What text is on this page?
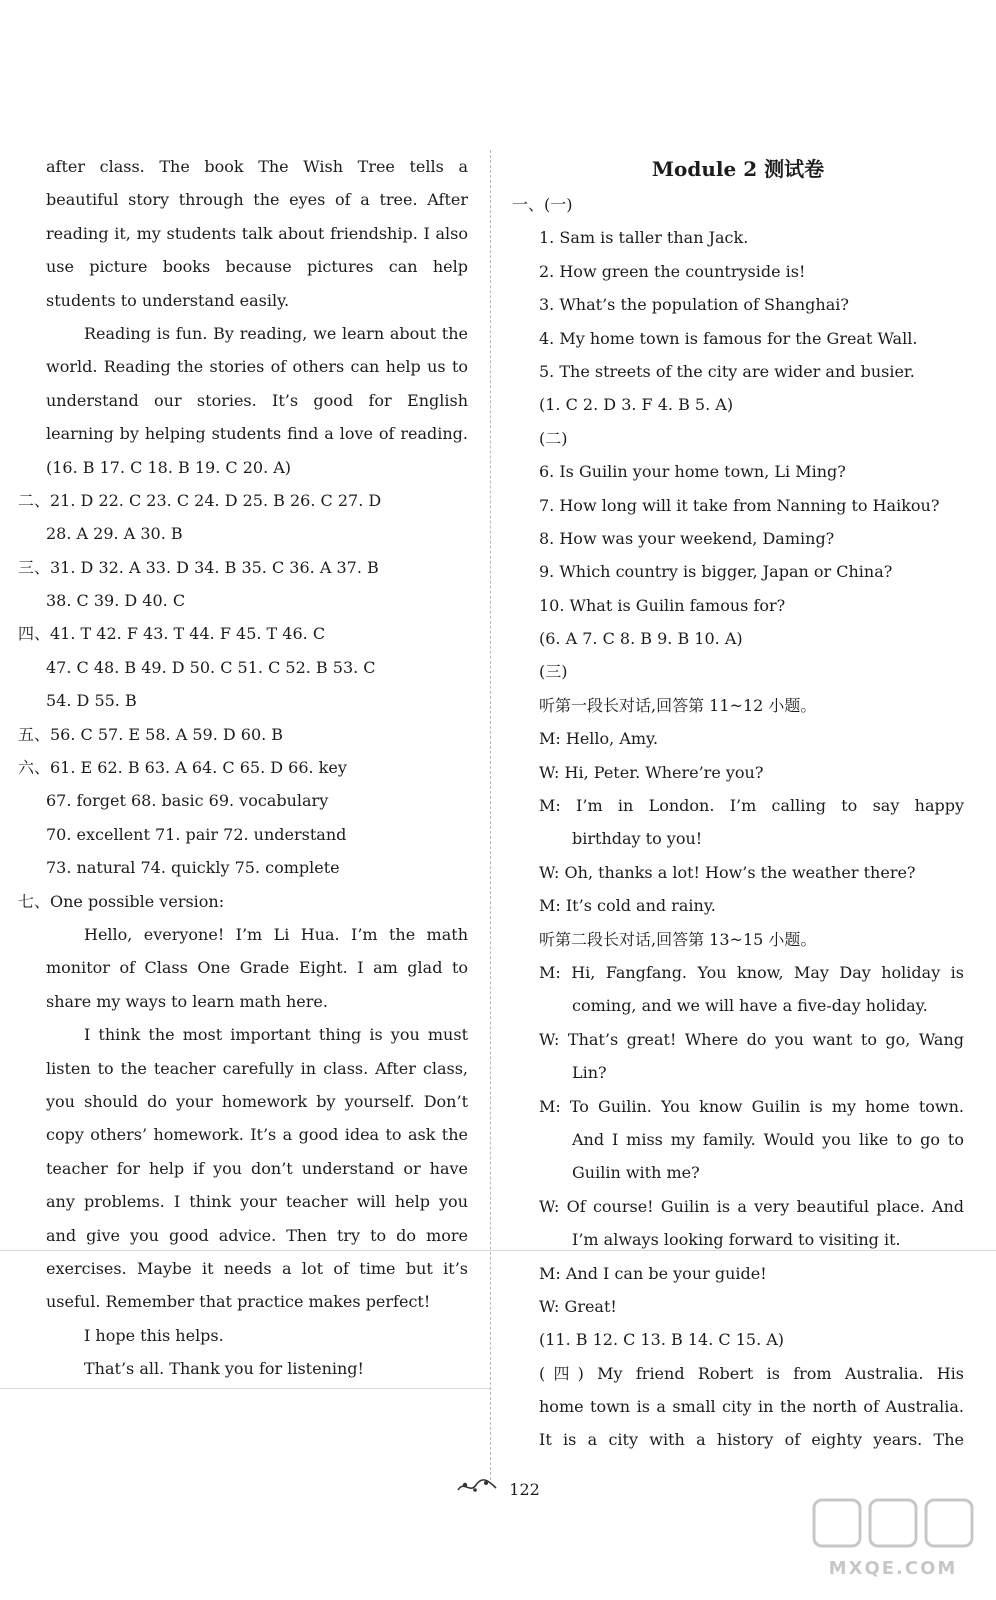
after class. The book The Wish Tree tells a
beautiful story through the eyes of a tree. After
reading it, my students talk about friendship. I also
use picture books because pictures can help
students to understand easily.
Reading is fun. By reading, we learn about the
world. Reading the stories of others can help us to
understand our stories. It’s good for English
learning by helping students find a love of reading.
(16. B 17. C 18. B 19. C 20. A)
二、21. D 22. C 23. C 24. D 25. B 26. C 27. D
28. A 29. A 30. B
三、31. D 32. A 33. D 34. B 35. C 36. A 37. B
38. C 39. D 40. C
四、41. T 42. F 43. T 44. F 45. T 46. C
47. C 48. B 49. D 50. C 51. C 52. B 53. C
54. D 55. B
五、56. C 57. E 58. A 59. D 60. B
六、61. E 62. B 63. A 64. C 65. D 66. key
67. forget 68. basic 69. vocabulary
70. excellent 71. pair 72. understand
73. natural 74. quickly 75. complete
七、One possible version:
Hello, everyone! I’m Li Hua. I’m the math
monitor of Class One Grade Eight. I am glad to
share my ways to learn math here.
I think the most important thing is you must
listen to the teacher carefully in class. After class,
you should do your homework by yourself. Don’t
copy others’ homework. It’s a good idea to ask the
teacher for help if you don’t understand or have
any problems. I think your teacher will help you
and give you good advice. Then try to do more
exercises. Maybe it needs a lot of time but it’s
useful. Remember that practice makes perfect!
I hope this helps.
That’s all. Thank you for listening!
Module 2 测试卷
一、(一)
1. Sam is taller than Jack.
2. How green the countryside is!
3. What’s the population of Shanghai?
4. My home town is famous for the Great Wall.
5. The streets of the city are wider and busier.
(1. C 2. D 3. F 4. B 5. A)
(二)
6. Is Guilin your home town, Li Ming?
7. How long will it take from Nanning to Haikou?
8. How was your weekend, Daming?
9. Which country is bigger, Japan or China?
10. What is Guilin famous for?
(6. A 7. C 8. B 9. B 10. A)
(三)
听第一段长对话,回答第 11~12 小题。
M: Hello, Amy.
W: Hi, Peter. Where’re you?
M: I’m in London. I’m calling to say happy
birthday to you!
W: Oh, thanks a lot! How’s the weather there?
M: It’s cold and rainy.
听第二段长对话,回答第 13~15 小题。
M: Hi, Fangfang. You know, May Day holiday is
coming, and we will have a five-day holiday.
W: That’s great! Where do you want to go, Wang
Lin?
M: To Guilin. You know Guilin is my home town.
And I miss my family. Would you like to go to
Guilin with me?
W: Of course! Guilin is a very beautiful place. And
I’m always looking forward to visiting it.
M: And I can be your guide!
W: Great!
(11. B 12. C 13. B 14. C 15. A)
(四) My friend Robert is from Australia. His
home town is a small city in the north of Australia.
It is a city with a history of eighty years. The
122
MXQE.COM
